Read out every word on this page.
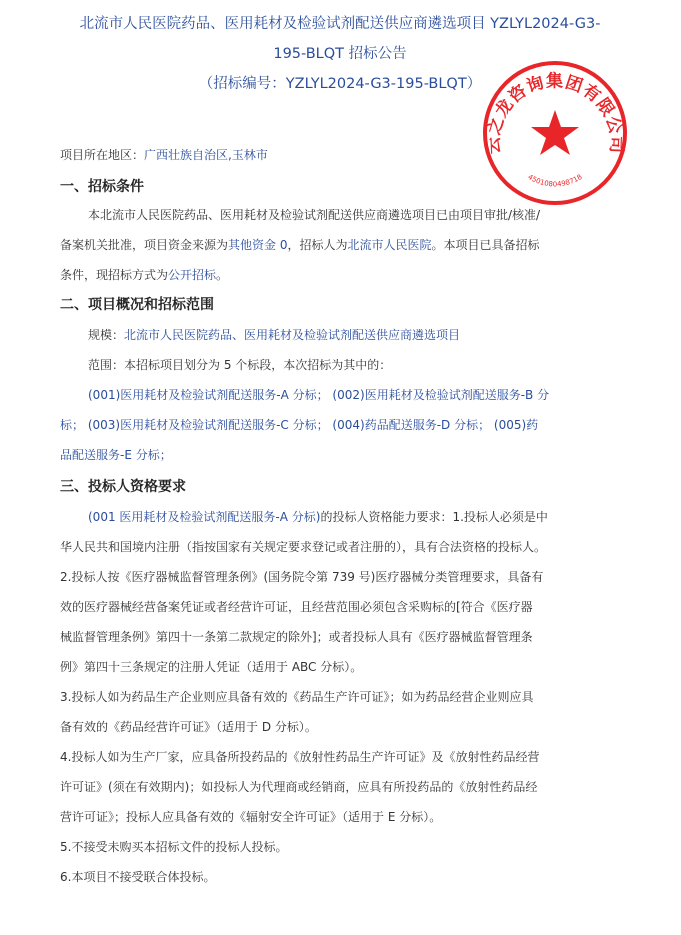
北流市人民医院药品、医用耗材及检验试剂配送供应商遴选项目 YZLYL2024-G3-
195-BLQT 招标公告
（招标编号：YZLYL2024-G3-195-BLQT）
项目所在地区：广西壮族自治区,玉林市
一、招标条件
本北流市人民医院药品、医用耗材及检验试剂配送供应商遴选项目已由项目审批/核准/
备案机关批准，项目资金来源为其他资金 0，招标人为北流市人民医院。本项目已具备招标
条件，现招标方式为公开招标。
二、项目概况和招标范围
规模：北流市人民医院药品、医用耗材及检验试剂配送供应商遴选项目
范围：本招标项目划分为 5 个标段，本次招标为其中的：
(001)医用耗材及检验试剂配送服务-A 分标； (002)医用耗材及检验试剂配送服务-B 分
标； (003)医用耗材及检验试剂配送服务-C 分标； (004)药品配送服务-D 分标； (005)药
品配送服务-E 分标；
三、投标人资格要求
(001 医用耗材及检验试剂配送服务-A 分标)的投标人资格能力要求：1.投标人必须是中
华人民共和国境内注册（指按国家有关规定要求登记或者注册的），具有合法资格的投标人。
2.投标人按《医疗器械监督管理条例》(国务院令第 739 号)医疗器械分类管理要求，具备有
效的医疗器械经营备案凭证或者经营许可证，且经营范围必须包含采购标的[符合《医疗器
械监督管理条例》第四十一条第二款规定的除外]；或者投标人具有《医疗器械监督管理条
例》第四十三条规定的注册人凭证（适用于 ABC 分标）。
3.投标人如为药品生产企业则应具备有效的《药品生产许可证》；如为药品经营企业则应具
备有效的《药品经营许可证》（适用于 D 分标）。
4.投标人如为生产厂家，应具备所投药品的《放射性药品生产许可证》及《放射性药品经营
许可证》(须在有效期内)；如投标人为代理商或经销商，应具有所投药品的《放射性药品经
营许可证》；投标人应具备有效的《辐射安全许可证》（适用于 E 分标）。
5.不接受未购买本招标文件的投标人投标。
6.本项目不接受联合体投标。
云之龙咨询集团有限公司
4501080498718
